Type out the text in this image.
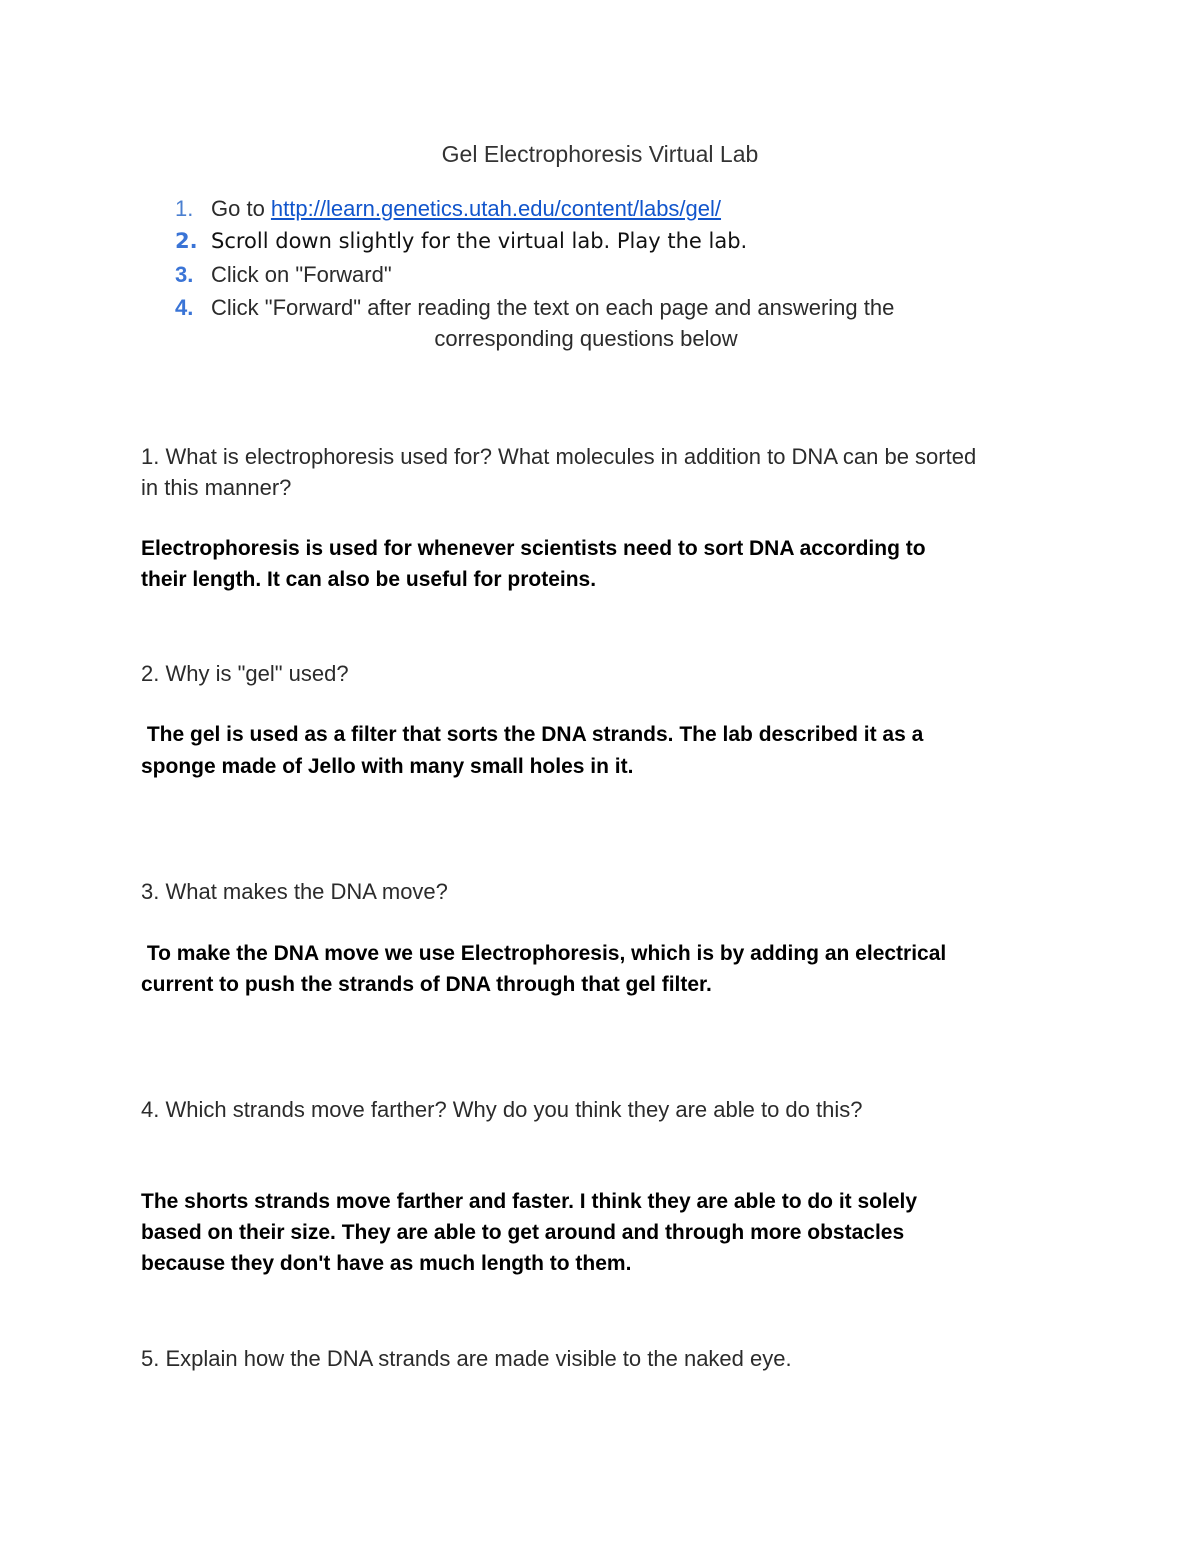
Gel Electrophoresis Virtual Lab
1. Go to http://learn.genetics.utah.edu/content/labs/gel/
2. Scroll down slightly for the virtual lab. Play the lab.
3. Click on "Forward"
4. Click "Forward" after reading the text on each page and answering the
corresponding questions below
1. What is electrophoresis used for? What molecules in addition to DNA can be sorted
in this manner?
Electrophoresis is used for whenever scientists need to sort DNA according to
their length. It can also be useful for proteins.
2. Why is "gel" used?
The gel is used as a filter that sorts the DNA strands. The lab described it as a
sponge made of Jello with many small holes in it.
3. What makes the DNA move?
To make the DNA move we use Electrophoresis, which is by adding an electrical
current to push the strands of DNA through that gel filter.
4. Which strands move farther? Why do you think they are able to do this?
The shorts strands move farther and faster. I think they are able to do it solely
based on their size. They are able to get around and through more obstacles
because they don't have as much length to them.
5. Explain how the DNA strands are made visible to the naked eye.
